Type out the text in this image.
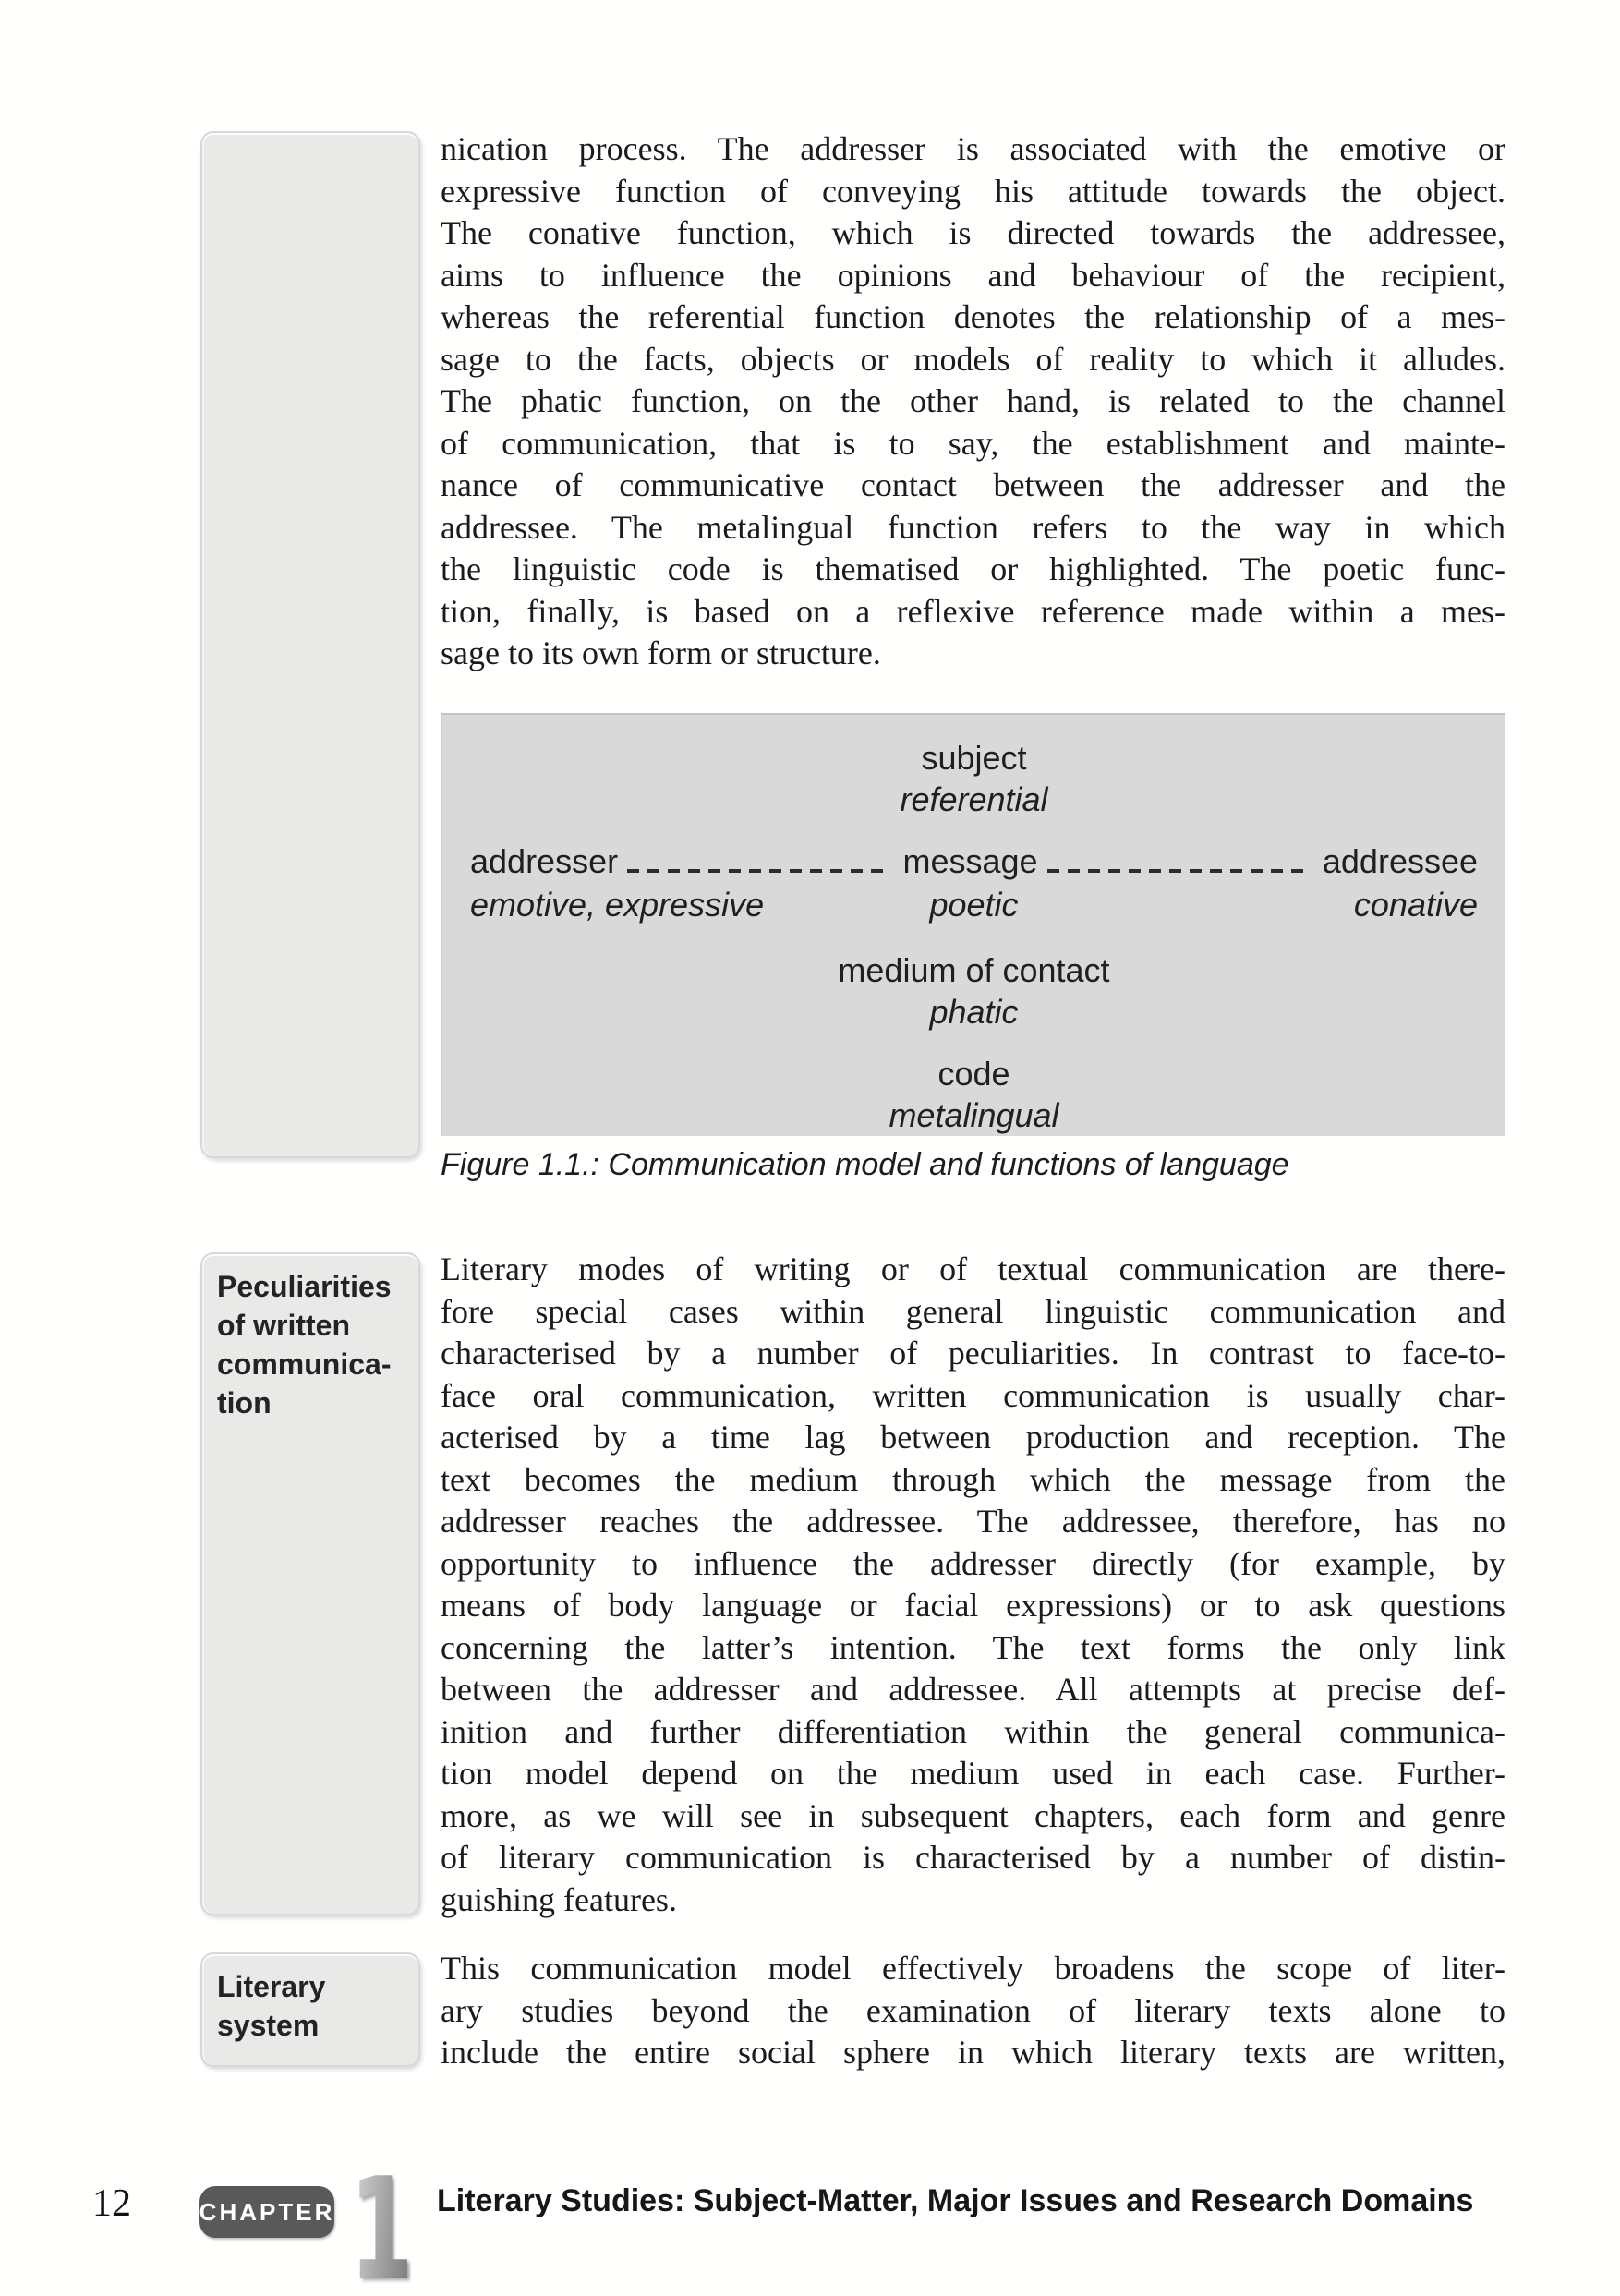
Peculiarities
of written
communica-
tion
Literary
system
nication process. The addresser is associated with the emotive or
expressive function of conveying his attitude towards the object.
The conative function, which is directed towards the addressee,
aims to influence the opinions and behaviour of the recipient,
whereas the referential function denotes the relationship of a mes-
sage to the facts, objects or models of reality to which it alludes.
The phatic function, on the other hand, is related to the channel
of communication, that is to say, the establishment and mainte-
nance of communicative contact between the addresser and the
addressee. The metalingual function refers to the way in which
the linguistic code is thematised or highlighted. The poetic func-
tion, finally, is based on a reflexive reference made within a mes-
sage to its own form or structure.
subject
referential
addresser	message	addressee
emotive, expressive	poetic	conative
medium of contact
phatic
code
metalingual
Figure 1.1.: Communication model and functions of language
Literary modes of writing or of textual communication are there-
fore special cases within general linguistic communication and
characterised by a number of peculiarities. In contrast to face-to-
face oral communication, written communication is usually char-
acterised by a time lag between production and reception. The
text becomes the medium through which the message from the
addresser reaches the addressee. The addressee, therefore, has no
opportunity to influence the addresser directly (for example, by
means of body language or facial expressions) or to ask questions
concerning the latter’s intention. The text forms the only link
between the addresser and addressee. All attempts at precise def-
inition and further differentiation within the general communica-
tion model depend on the medium used in each case. Further-
more, as we will see in subsequent chapters, each form and genre
of literary communication is characterised by a number of distin-
guishing features.
This communication model effectively broadens the scope of liter-
ary studies beyond the examination of literary texts alone to
include the entire social sphere in which literary texts are written,
12	CHAPTER 1 Literary Studies: Subject-Matter, Major Issues and Research Domains
